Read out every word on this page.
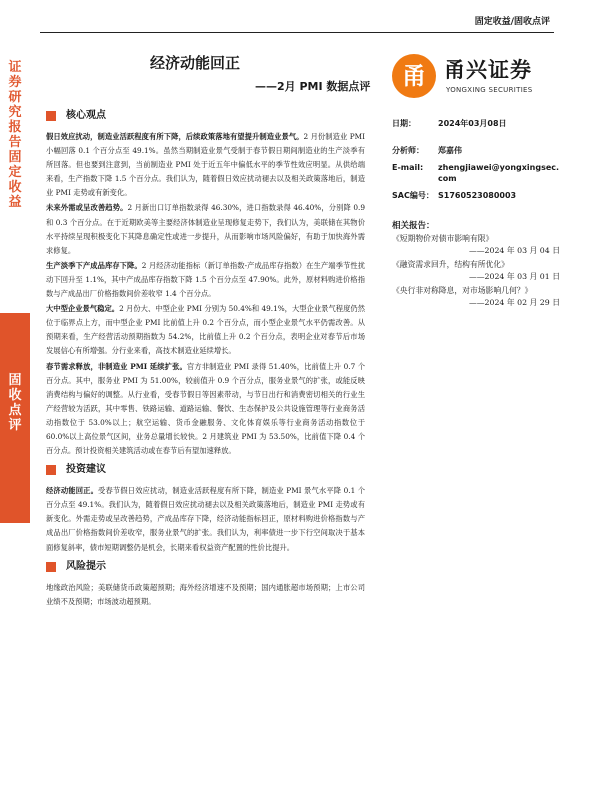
证券研究报告
固定收益
固收点评
固定收益/固收点评
经济动能回正
——2月 PMI 数据点评	甬 甬兴证券
YONGXING SECURITIES
核心观点
假日效应扰动，制造业活跃程度有所下降，后续政策落地有望提升制造业景气。2 月份制造业 PMI 小幅回落 0.1 个百分点至 49.1%。虽然当期制造业景气受制于春节假日期间制造业的生产淡季有所回落。但也要到注意到，当前制造业 PMI 处于近五年中偏低水平的季节性效应明显。从供给端来看，生产指数下降 1.5 个百分点。我们认为，随着假日效应扰动褪去以及相关政策落地后，制造业 PMI 走势或有新变化。
未来外需或呈改善趋势。2 月新出口订单指数录得 46.30%，进口指数录得 46.40%，分别降 0.9 和 0.3 个百分点。在于近期欧美等主要经济体制造业呈现修复走势下，我们认为，美联储在其物价水平持续呈现积极变化下其降息确定性或进一步提升，从而影响市场风险偏好，有助于加快海外需求修复。
生产淡季下产成品库存下降。2 月经济动能指标（新订单指数-产成品库存指数）在生产端季节性扰动下回升至 1.1%，其中产成品库存指数下降 1.5 个百分点至 47.90%。此外，原材料购进价格指数与产成品出厂价格指数间价差收窄 1.4 个百分点。
大中型企业景气稳定。2 月份大、中型企业 PMI 分别为 50.4%和 49.1%，大型企业景气程度仍然位于临界点上方，而中型企业 PMI 比前值上升 0.2 个百分点，而小型企业景气水平仍需改善。从预期来看，生产经营活动预期指数为 54.2%，比前值上升 0.2 个百分点，表明企业对春节后市场发展信心有所增强。分行业来看，高技术制造业延续增长。
春节需求释放，非制造业 PMI 延续扩张。官方非制造业 PMI 录得 51.40%，比前值上升 0.7 个百分点。其中，服务业 PMI 为 51.00%，较前值升 0.9 个百分点，服务业景气的扩张，或能反映消费结构与偏好的调整。从行业看，受春节假日等因素带动，与节日出行和消费密切相关的行业生产经营较为活跃，其中零售、铁路运输、道路运输、餐饮、生态保护及公共设施管理等行业商务活动指数位于 53.0%以上；航空运输、货币金融服务、文化体育娱乐等行业商务活动指数位于 60.0%以上高位景气区间，业务总量增长较快。2 月建筑业 PMI 为 53.50%，比前值下降 0.4 个百分点。预计投资相关建筑活动或在春节后有望加速释放。
投资建议
经济动能回正。受春节假日效应扰动，制造业活跃程度有所下降，制造业 PMI 景气水平降 0.1 个百分点至 49.1%。我们认为，随着假日效应扰动褪去以及相关政策落地后，制造业 PMI 走势或有新变化。外需走势或呈改善趋势，产成品库存下降，经济动能指标回正，原材料购进价格指数与产成品出厂价格指数间价差收窄，服务业景气的扩张。我们认为，利率债进一步下行空间取决于基本面修复斜率，债市短期调整仍是机会，长期来看权益资产配置的性价比提升。
风险提示
地缘政治风险；美联储货币政策超预期；海外经济增速不及预期；国内通胀超市场预期；上市公司业绩不及预期；市场波动超预期。
日期：	2024年03月08日
分析师：	郑嘉伟
E-mail:	zhengjiawei@yongxingsec.com
SAC编号： S1760523080003
相关报告：
《短期物价对债市影响有限》
——2024 年 03 月 04 日
《融资需求回升，结构有所优化》
——2024 年 03 月 01 日
《央行非对称降息，对市场影响几何？》
——2024 年 02 月 29 日
